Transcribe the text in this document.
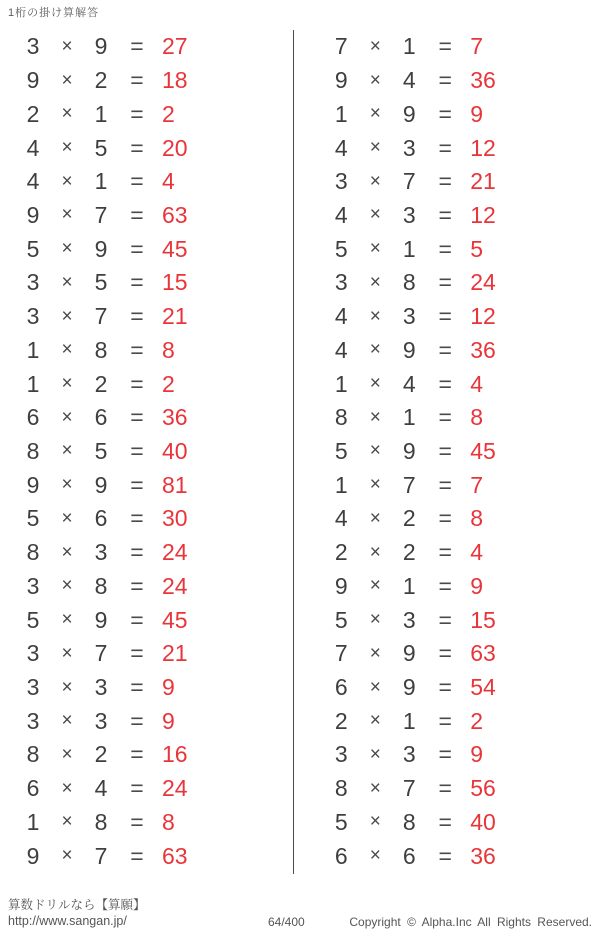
1桁の掛け算解答
3	× 9 = 27
9	× 2 = 18
2	× 1 = 2
4	× 5 = 20
4	× 1 = 4
9	× 7 = 63
5	× 9 = 45
3	× 5 = 15
3	× 7 = 21
1	× 8 = 8
1	× 2 = 2
6	× 6 = 36
8	× 5 = 40
9	× 9 = 81
5	× 6 = 30
8	× 3 = 24
3	× 8 = 24
5	× 9 = 45
3	× 7 = 21
3	× 3 = 9
3	× 3 = 9
8	× 2 = 16
6	× 4 = 24
1	× 8 = 8
9	× 7 = 63
7	× 1 = 7
9	× 4 = 36
1	× 9 = 9
4	× 3 = 12
3	× 7 = 21
4	× 3 = 12
5	× 1 = 5
3	× 8 = 24
4	× 3 = 12
4	× 9 = 36
1	× 4 = 4
8	× 1 = 8
5	× 9 = 45
1	× 7 = 7
4	× 2 = 8
2	× 2 = 4
9	× 1 = 9
5	× 3 = 15
7	× 9 = 63
6	× 9 = 54
2	× 1 = 2
3	× 3 = 9
8	× 7 = 56
5	× 8 = 40
6	× 6 = 36
算数ドリルなら【算願】
http://www.sangan.jp/	64/400	Copyright © Alpha.Inc All Rights Reserved.
